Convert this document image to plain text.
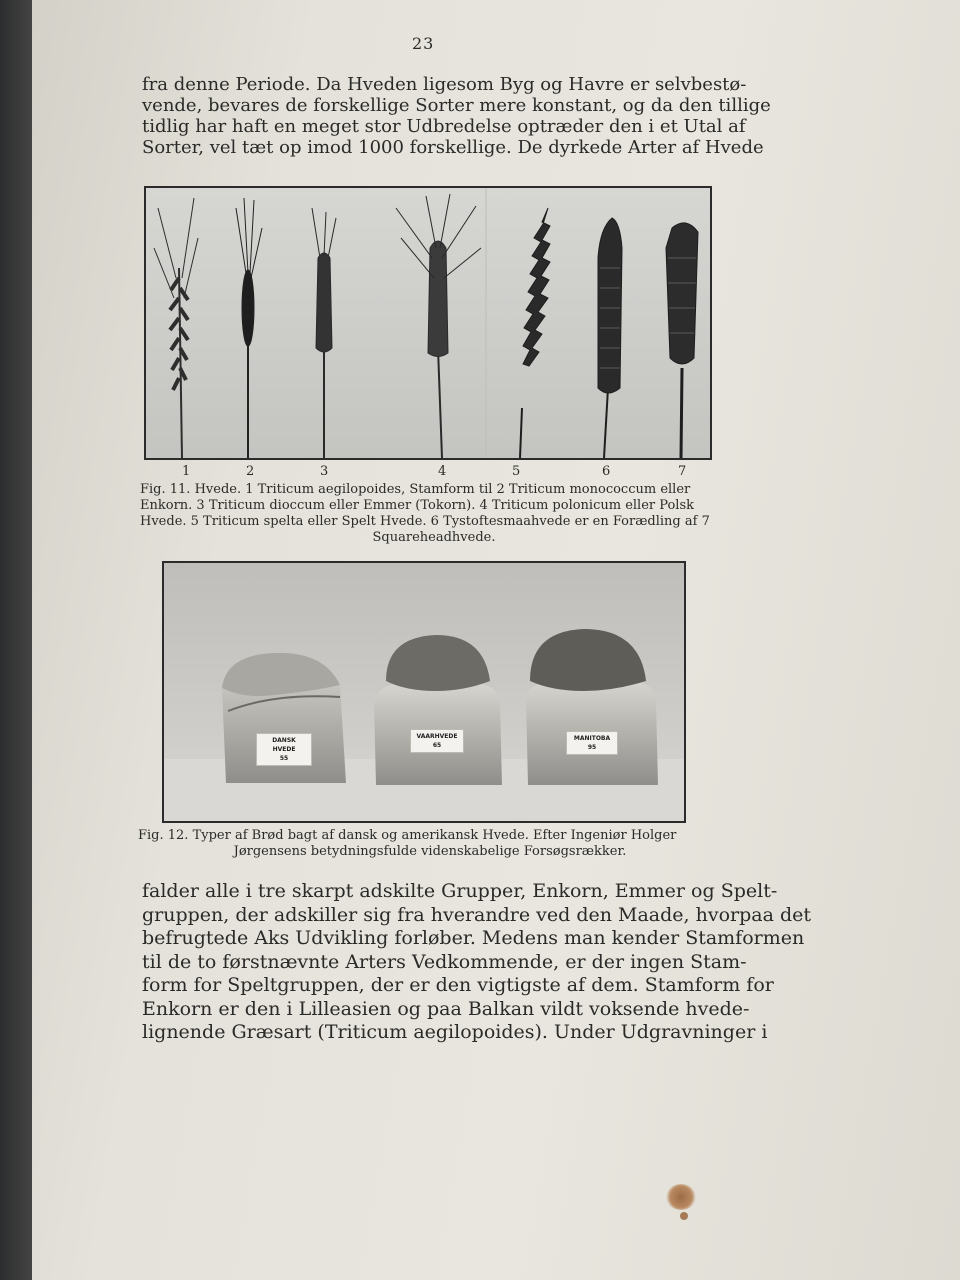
23

fra denne Periode. Da Hveden ligesom Byg og Havre er selvbestø-
vende, bevares de forskellige Sorter mere konstant, og da den tillige
tidlig har haft en meget stor Udbredelse optræder den i et Utal af
Sorter, vel tæt op imod 1000 forskellige. De dyrkede Arter af Hvede

1	2	3	4	5	6	7
Fig. 11. Hvede. 1 Triticum aegilopoides, Stamform til 2 Triticum monococcum eller
Enkorn. 3 Triticum dioccum eller Emmer (Tokorn). 4 Triticum polonicum eller Polsk
Hvede. 5 Triticum spelta eller Spelt Hvede. 6 Tystoftesmaahvede er en Forædling af 7
Squareheadhvede.
DANSK HVEDE
55
VAARHVEDE
65
MANITOBA
95
Fig. 12. Typer af Brød bagt af dansk og amerikansk Hvede. Efter Ingeniør Holger
Jørgensens betydningsfulde videnskabelige Forsøgsrækker.

falder alle i tre skarpt adskilte Grupper, Enkorn, Emmer og Spelt-
gruppen, der adskiller sig fra hverandre ved den Maade, hvorpaa det
befrugtede Aks Udvikling forløber. Medens man kender Stamformen
til de to førstnævnte Arters Vedkommende, er der ingen Stam-
form for Speltgruppen, der er den vigtigste af dem. Stamform for
Enkorn er den i Lilleasien og paa Balkan vildt voksende hvede-
lignende Græsart (Triticum aegilopoides). Under Udgravninger i
